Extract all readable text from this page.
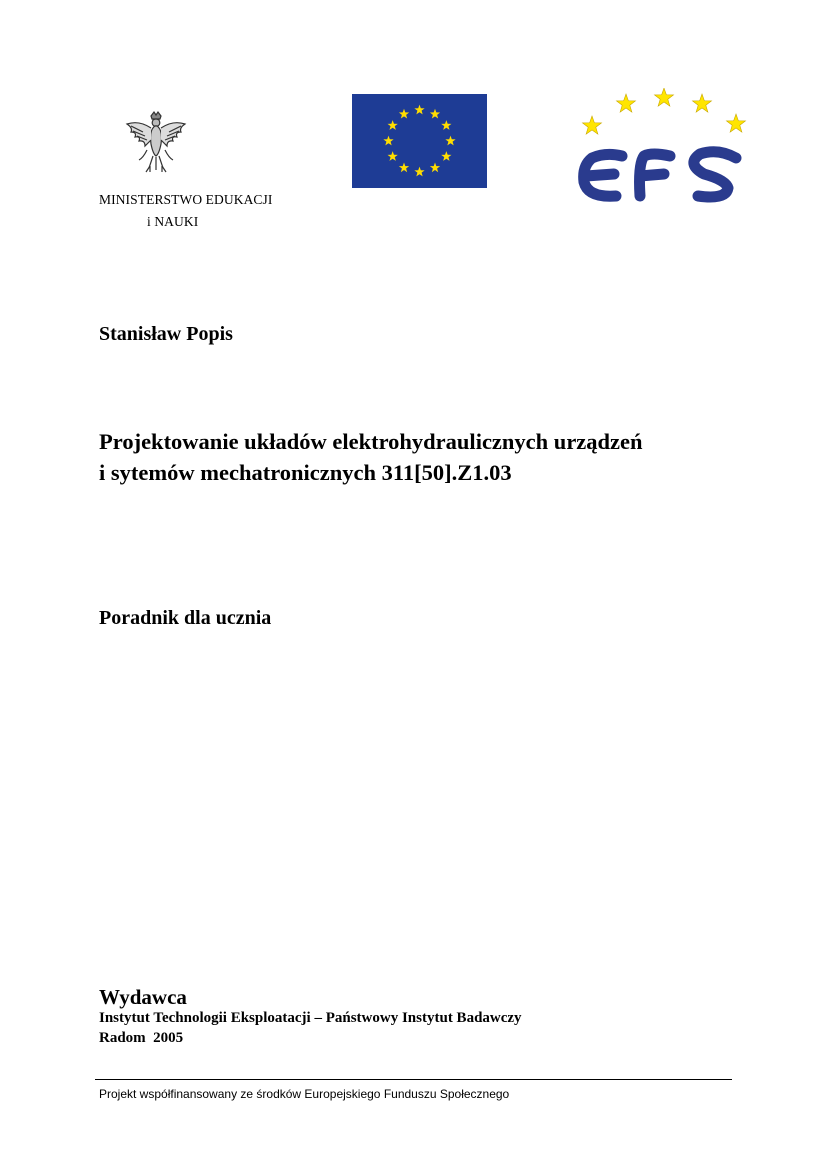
MINISTERSTWO EDUKACJI
i NAUKI
Stanisław Popis
Projektowanie układów elektrohydraulicznych urządzeń
i sytemów mechatronicznych 311[50].Z1.03
Poradnik dla ucznia
Wydawca
Instytut Technologii Eksploatacji – Państwowy Instytut Badawczy
Radom  2005
Projekt współfinansowany ze środków Europejskiego Funduszu Społecznego
